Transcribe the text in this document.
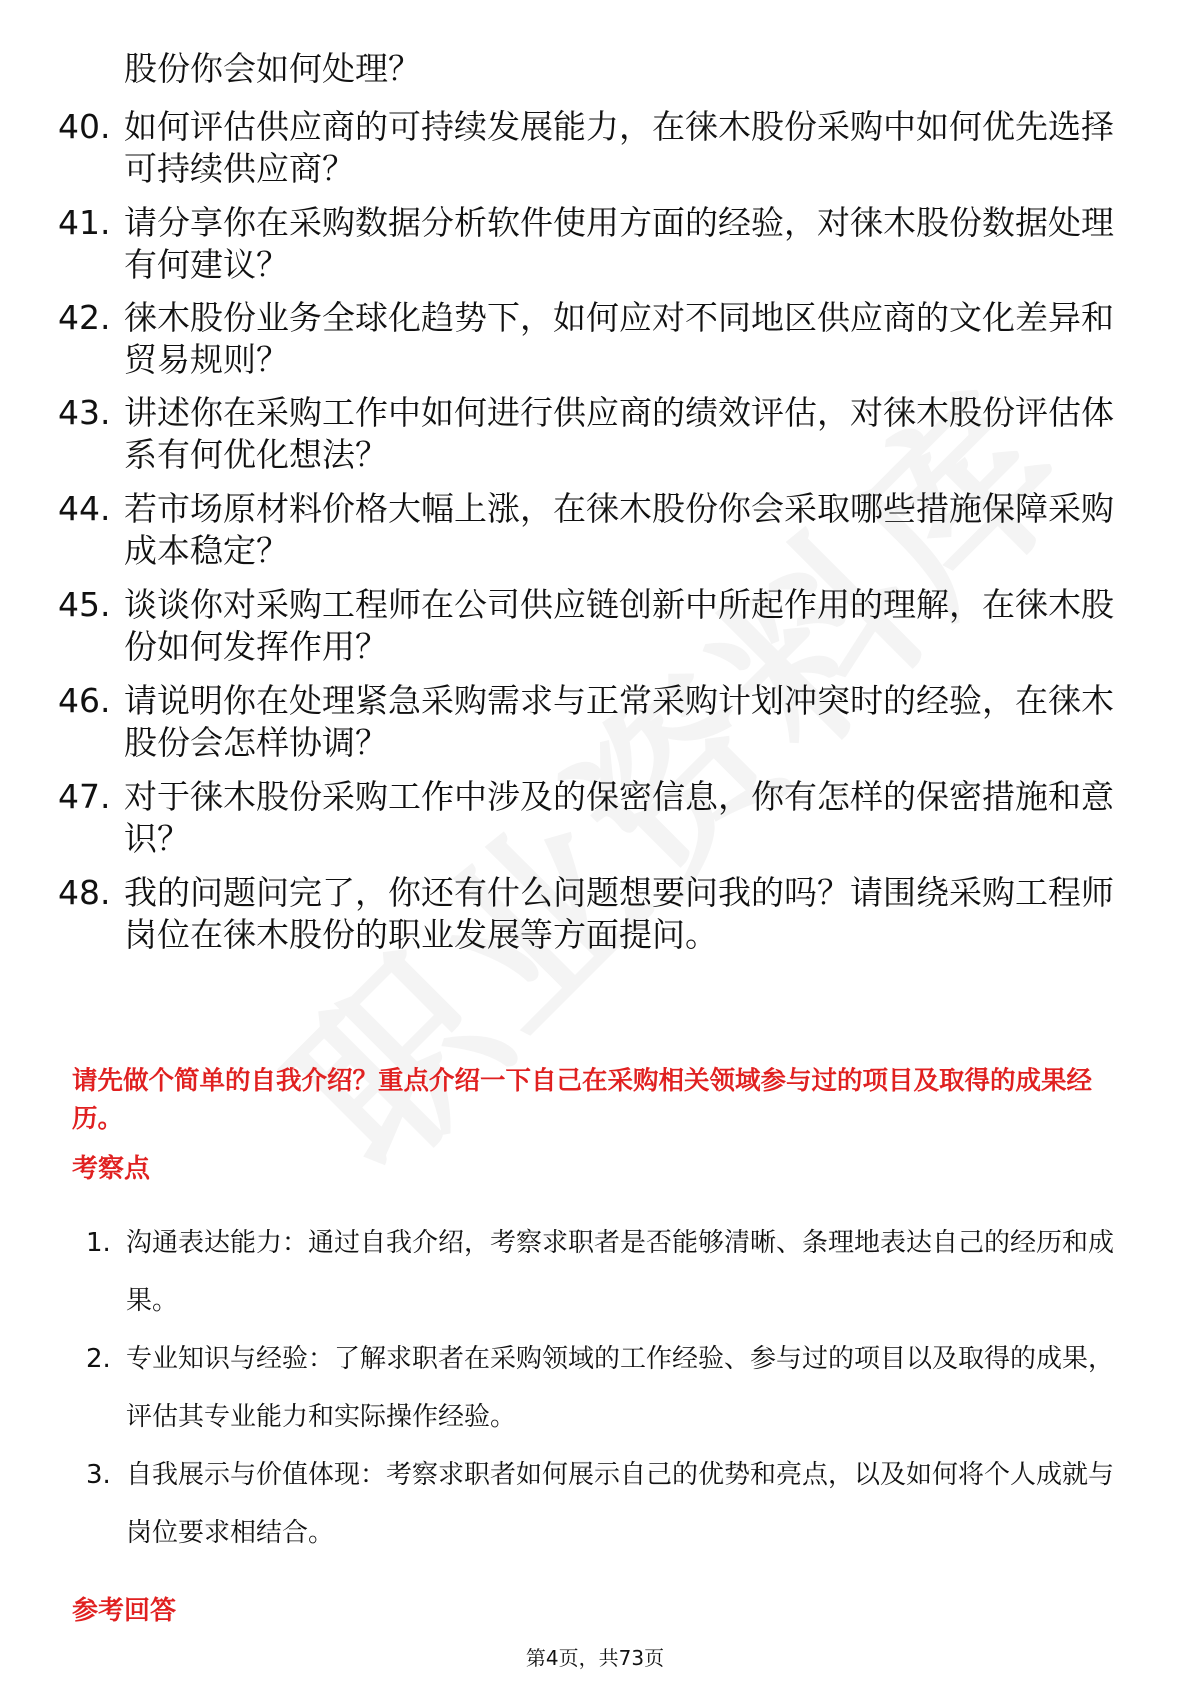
股份你会如何处理？
40. 如何评估供应商的可持续发展能力，在徕木股份采购中如何优先选择可持续供应商？
41. 请分享你在采购数据分析软件使用方面的经验，对徕木股份数据处理有何建议？
42. 徕木股份业务全球化趋势下，如何应对不同地区供应商的文化差异和贸易规则？
43. 讲述你在采购工作中如何进行供应商的绩效评估，对徕木股份评估体系有何优化想法？
44. 若市场原材料价格大幅上涨，在徕木股份你会采取哪些措施保障采购成本稳定？
45. 谈谈你对采购工程师在公司供应链创新中所起作用的理解，在徕木股份如何发挥作用？
46. 请说明你在处理紧急采购需求与正常采购计划冲突时的经验，在徕木股份会怎样协调？
47. 对于徕木股份采购工作中涉及的保密信息，你有怎样的保密措施和意识？
48. 我的问题问完了，你还有什么问题想要问我的吗？请围绕采购工程师岗位在徕木股份的职业发展等方面提问。
请先做个简单的自我介绍？重点介绍一下自己在采购相关领域参与过的项目及取得的成果经历。
考察点
1. 沟通表达能力：通过自我介绍，考察求职者是否能够清晰、条理地表达自己的经历和成果。
2. 专业知识与经验：了解求职者在采购领域的工作经验、参与过的项目以及取得的成果，评估其专业能力和实际操作经验。
3. 自我展示与价值体现：考察求职者如何展示自己的优势和亮点，以及如何将个人成就与岗位要求相结合。
参考回答
第4页，共73页
